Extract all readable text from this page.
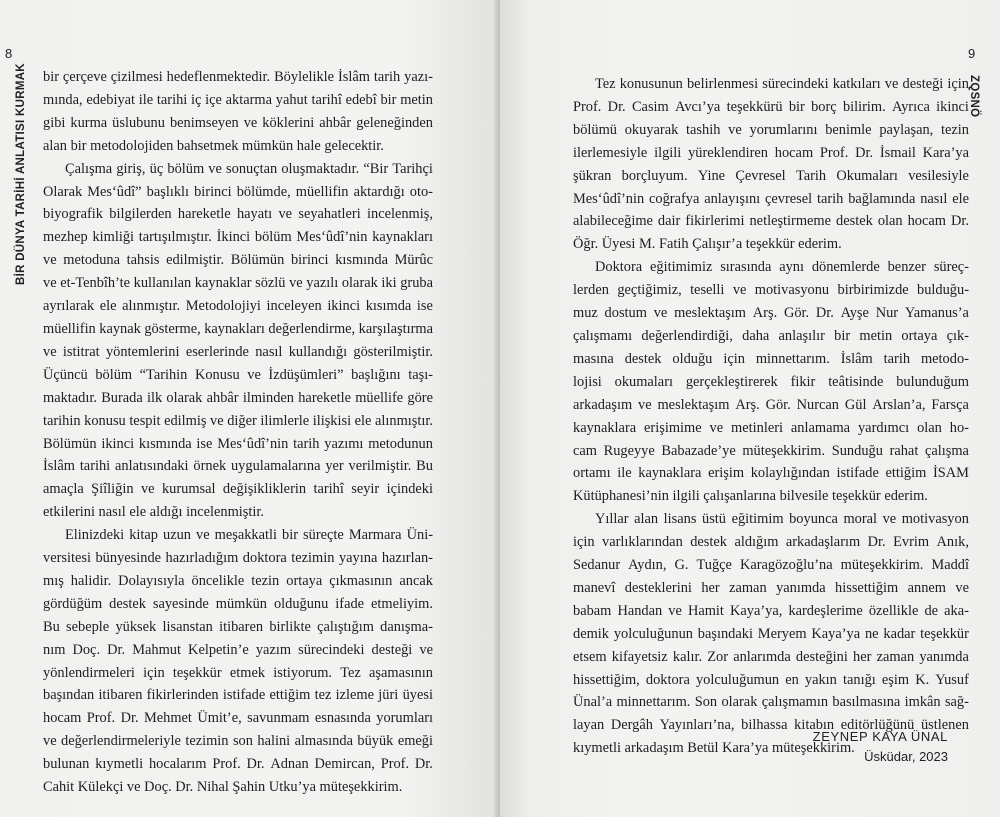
8
BİR DÜNYA TARİHİ ANLATISI KURMAK bir çerçeve çizilmesi hedeflenmektedir. Böylelikle İslâm tarih yazı-
mında, edebiyat ile tarihi iç içe aktarma yahut tarihî edebî bir metin
gibi kurma üslubunu benimseyen ve köklerini ahbâr geleneğinden
alan bir metodolojiden bahsetmek mümkün hale gelecektir.
Çalışma giriş, üç bölüm ve sonuçtan oluşmaktadır. “Bir Tarihçi
Olarak Mes‘ûdî” başlıklı birinci bölümde, müellifin aktardığı oto-
biyografik bilgilerden hareketle hayatı ve seyahatleri incelenmiş,
mezhep kimliği tartışılmıştır. İkinci bölüm Mes‘ûdî’nin kaynakları
ve metoduna tahsis edilmiştir. Bölümün birinci kısmında Mürûc
ve et-Tenbîh’te kullanılan kaynaklar sözlü ve yazılı olarak iki gruba
ayrılarak ele alınmıştır. Metodolojiyi inceleyen ikinci kısımda ise
müellifin kaynak gösterme, kaynakları değerlendirme, karşılaştırma
ve istitrat yöntemlerini eserlerinde nasıl kullandığı gösterilmiştir.
Üçüncü bölüm “Tarihin Konusu ve İzdüşümleri” başlığını taşı-
maktadır. Burada ilk olarak ahbâr ilminden hareketle müellife göre
tarihin konusu tespit edilmiş ve diğer ilimlerle ilişkisi ele alınmıştır.
Bölümün ikinci kısmında ise Mes‘ûdî’nin tarih yazımı metodunun
İslâm tarihi anlatısındaki örnek uygulamalarına yer verilmiştir. Bu
amaçla Şiîliğin ve kurumsal değişikliklerin tarihî seyir içindeki
etkilerini nasıl ele aldığı incelenmiştir.
Elinizdeki kitap uzun ve meşakkatli bir süreçte Marmara Üni-
versitesi bünyesinde hazırladığım doktora tezimin yayına hazırlan-
mış halidir. Dolayısıyla öncelikle tezin ortaya çıkmasının ancak
gördüğüm destek sayesinde mümkün olduğunu ifade etmeliyim.
Bu sebeple yüksek lisanstan itibaren birlikte çalıştığım danışma-
nım Doç. Dr. Mahmut Kelpetin’e yazım sürecindeki desteği ve
yönlendirmeleri için teşekkür etmek istiyorum. Tez aşamasının
başından itibaren fikirlerinden istifade ettiğim tez izleme jüri üyesi
hocam Prof. Dr. Mehmet Ümit’e, savunmam esnasında yorumları
ve değerlendirmeleriyle tezimin son halini almasında büyük emeği
bulunan kıymetli hocalarım Prof. Dr. Adnan Demircan, Prof. Dr.
Cahit Külekçi ve Doç. Dr. Nihal Şahin Utku’ya müteşekkirim.
9
ZQSNÖ
Tez konusunun belirlenmesi sürecindeki katkıları ve desteği için
Prof. Dr. Casim Avcı’ya teşekkürü bir borç bilirim. Ayrıca ikinci
bölümü okuyarak tashih ve yorumlarını benimle paylaşan, tezin
ilerlemesiyle ilgili yüreklendiren hocam Prof. Dr. İsmail Kara’ya
şükran borçluyum. Yine Çevresel Tarih Okumaları vesilesiyle
Mes‘ûdî’nin coğrafya anlayışını çevresel tarih bağlamında nasıl ele
alabileceğime dair fikirlerimi netleştirmeme destek olan hocam Dr.
Öğr. Üyesi M. Fatih Çalışır’a teşekkür ederim.
Doktora eğitimimiz sırasında aynı dönemlerde benzer süreç-
lerden geçtiğimiz, teselli ve motivasyonu birbirimizde bulduğu-
muz dostum ve meslektaşım Arş. Gör. Dr. Ayşe Nur Yamanus’a
çalışmamı değerlendirdiği, daha anlaşılır bir metin ortaya çık-
masına destek olduğu için minnettarım. İslâm tarih metodo-
lojisi okumaları gerçekleştirerek fikir teâtisinde bulunduğum
arkadaşım ve meslektaşım Arş. Gör. Nurcan Gül Arslan’a, Farsça
kaynaklara erişimime ve metinleri anlamama yardımcı olan ho-
cam Rugeyye Babazade’ye müteşekkirim. Sunduğu rahat çalışma
ortamı ile kaynaklara erişim kolaylığından istifade ettiğim İSAM
Kütüphanesi’nin ilgili çalışanlarına bilvesile teşekkür ederim.
Yıllar alan lisans üstü eğitimim boyunca moral ve motivasyon
için varlıklarından destek aldığım arkadaşlarım Dr. Evrim Anık,
Sedanur Aydın, G. Tuğçe Karagözoğlu’na müteşekkirim. Maddî
manevî desteklerini her zaman yanımda hissettiğim annem ve
babam Handan ve Hamit Kaya’ya, kardeşlerime özellikle de aka-
demik yolculuğunun başındaki Meryem Kaya’ya ne kadar teşekkür
etsem kifayetsiz kalır. Zor anlarımda desteğini her zaman yanımda
hissettiğim, doktora yolculuğumun en yakın tanığı eşim K. Yusuf
Ünal’a minnettarım. Son olarak çalışmamın basılmasına imkân sağ-
layan Dergâh Yayınları’na, bilhassa kitabın editörlüğünü üstlenen
kıymetli arkadaşım Betül Kara’ya müteşekkirim.
ZEYNEP KAYA ÜNAL
Üsküdar, 2023
